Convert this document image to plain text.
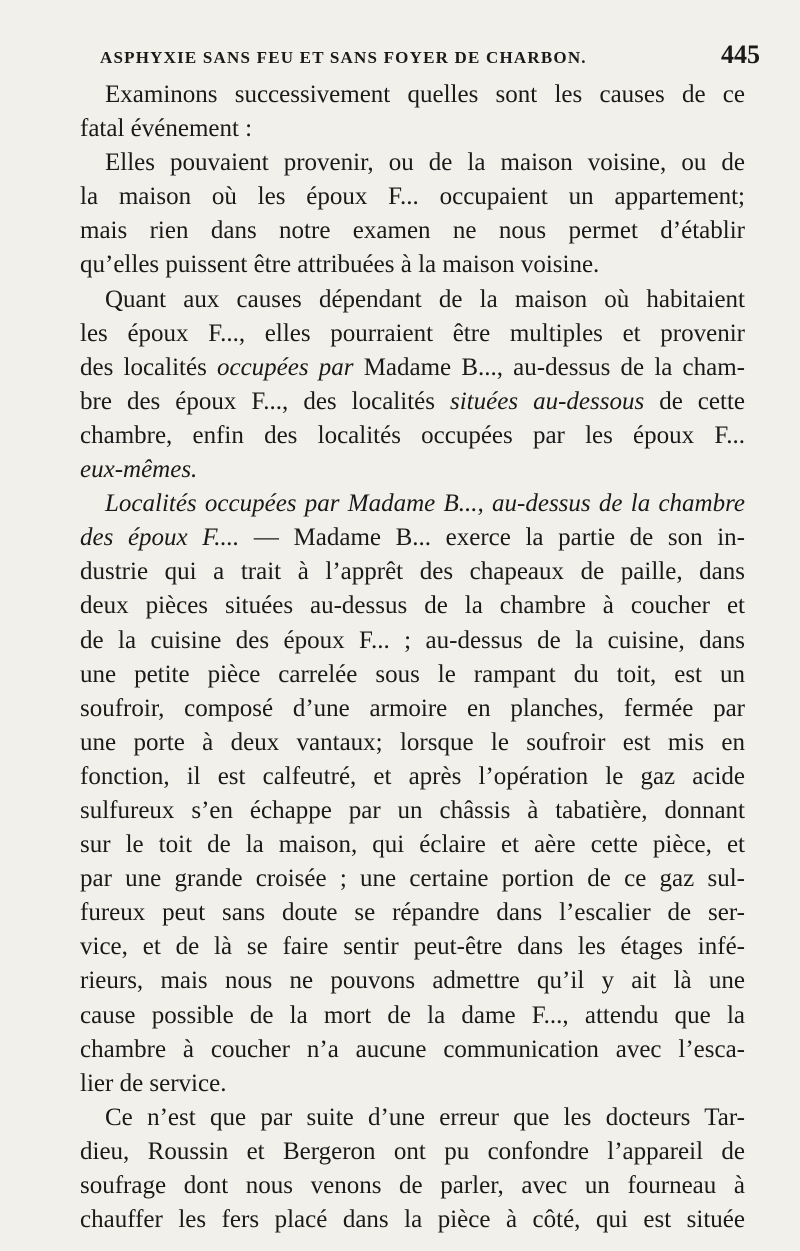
ASPHYXIE SANS FEU ET SANS FOYER DE CHARBON.	445
Examinons successivement quelles sont les causes de ce
fatal événement :
Elles pouvaient provenir, ou de la maison voisine, ou de
la maison où les époux F... occupaient un appartement;
mais rien dans notre examen ne nous permet d’établir
qu’elles puissent être attribuées à la maison voisine.
Quant aux causes dépendant de la maison où habitaient
les époux F..., elles pourraient être multiples et provenir
des localités occupées par Madame B..., au-dessus de la cham-
bre des époux F..., des localités situées au-dessous de cette
chambre, enfin des localités occupées par les époux F...
eux-mêmes.
Localités occupées par Madame B..., au-dessus de la chambre
des époux F.... — Madame B... exerce la partie de son in-
dustrie qui a trait à l’apprêt des chapeaux de paille, dans
deux pièces situées au-dessus de la chambre à coucher et
de la cuisine des époux F... ; au-dessus de la cuisine, dans
une petite pièce carrelée sous le rampant du toit, est un
soufroir, composé d’une armoire en planches, fermée par
une porte à deux vantaux; lorsque le soufroir est mis en
fonction, il est calfeutré, et après l’opération le gaz acide
sulfureux s’en échappe par un châssis à tabatière, donnant
sur le toit de la maison, qui éclaire et aère cette pièce, et
par une grande croisée ; une certaine portion de ce gaz sul-
fureux peut sans doute se répandre dans l’escalier de ser-
vice, et de là se faire sentir peut-être dans les étages infé-
rieurs, mais nous ne pouvons admettre qu’il y ait là une
cause possible de la mort de la dame F..., attendu que la
chambre à coucher n’a aucune communication avec l’esca-
lier de service.
Ce n’est que par suite d’une erreur que les docteurs Tar-
dieu, Roussin et Bergeron ont pu confondre l’appareil de
soufrage dont nous venons de parler, avec un fourneau à
chauffer les fers placé dans la pièce à côté, qui est située
